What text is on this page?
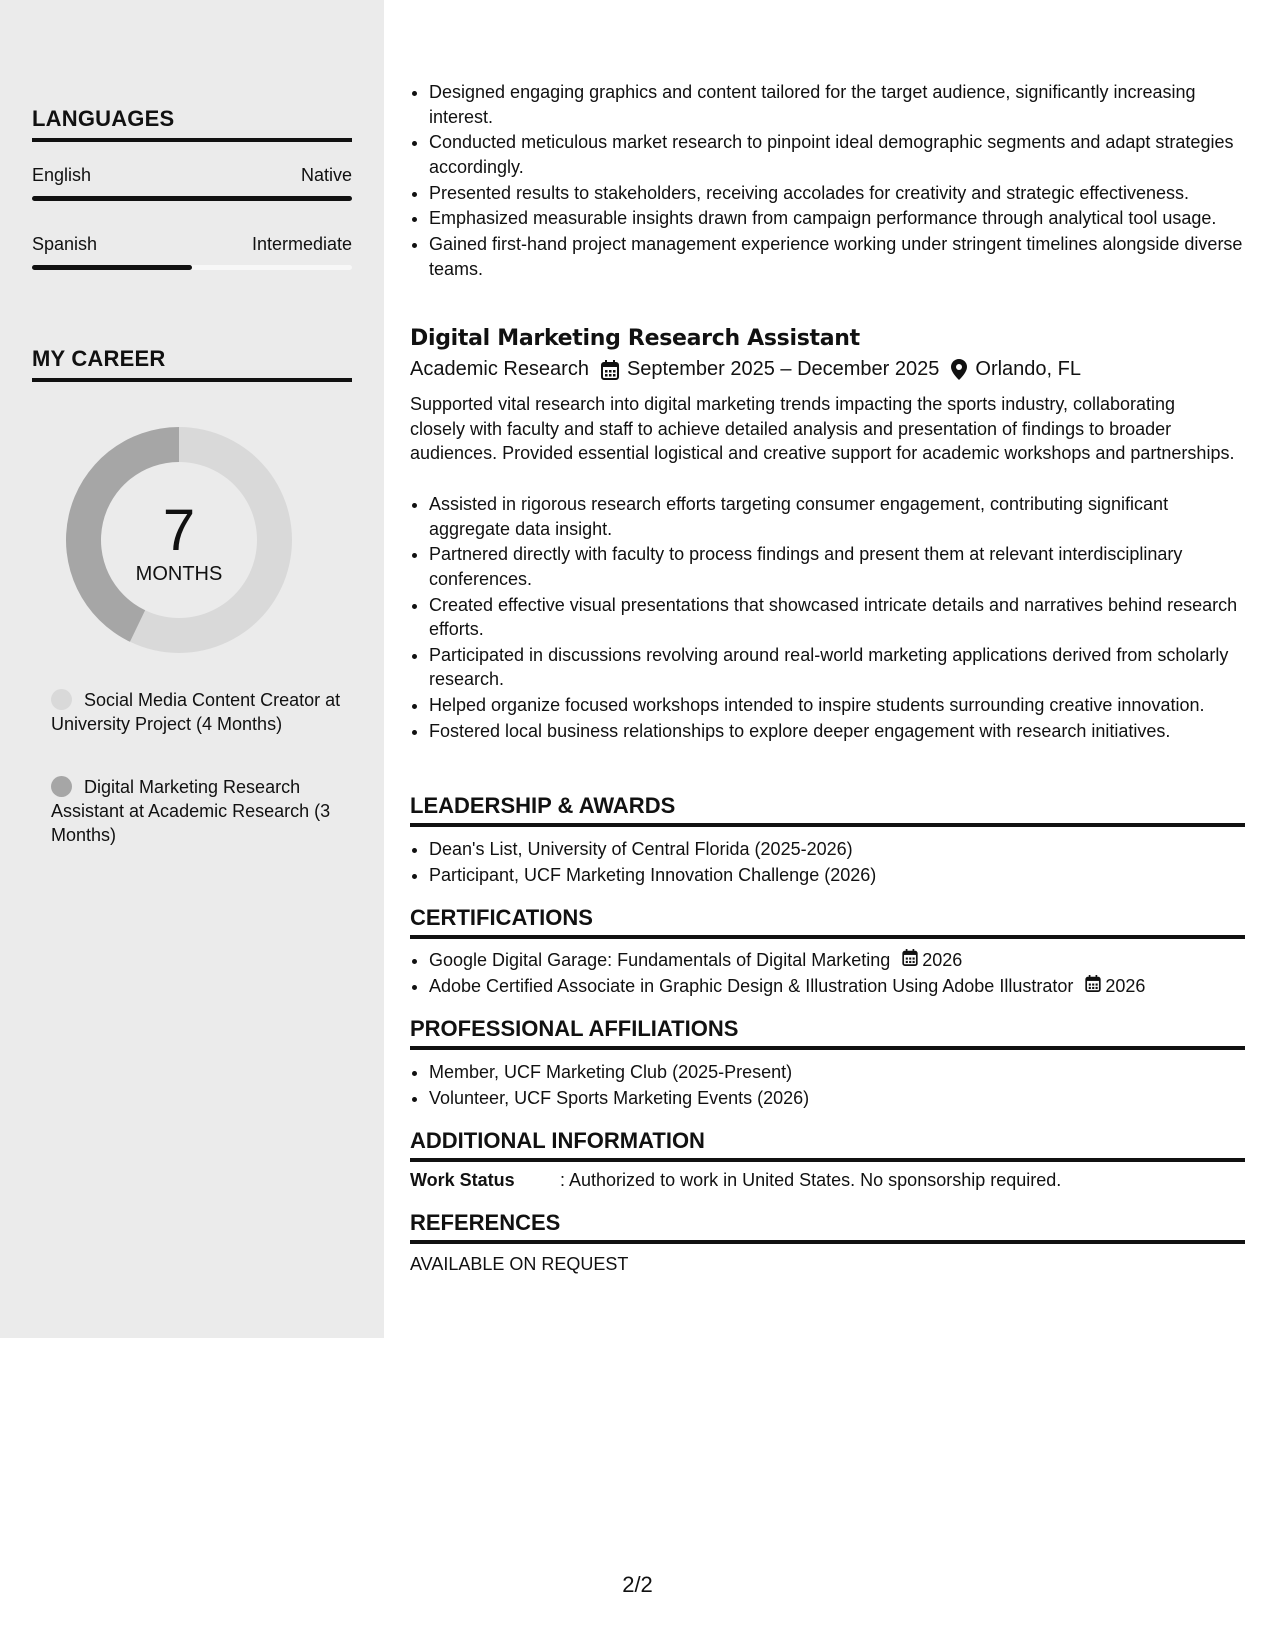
LANGUAGES
English	Native
Spanish	Intermediate
MY CAREER
7
MONTHS
Social Media Content Creator at University Project (4 Months)
Digital Marketing Research Assistant at Academic Research (3 Months)
• Designed engaging graphics and content tailored for the target audience, significantly increasing interest.
• Conducted meticulous market research to pinpoint ideal demographic segments and adapt strategies accordingly.
• Presented results to stakeholders, receiving accolades for creativity and strategic effectiveness.
• Emphasized measurable insights drawn from campaign performance through analytical tool usage.
• Gained first-hand project management experience working under stringent timelines alongside diverse teams.
Digital Marketing Research Assistant
Academic Research September 2025 – December 2025 Orlando, FL
Supported vital research into digital marketing trends impacting the sports industry, collaborating closely with faculty and staff to achieve detailed analysis and presentation of findings to broader audiences. Provided essential logistical and creative support for academic workshops and partnerships.
• Assisted in rigorous research efforts targeting consumer engagement, contributing significant aggregate data insight.
• Partnered directly with faculty to process findings and present them at relevant interdisciplinary conferences.
• Created effective visual presentations that showcased intricate details and narratives behind research efforts.
• Participated in discussions revolving around real-world marketing applications derived from scholarly research.
• Helped organize focused workshops intended to inspire students surrounding creative innovation.
• Fostered local business relationships to explore deeper engagement with research initiatives.
LEADERSHIP & AWARDS
• Dean's List, University of Central Florida (2025-2026)
• Participant, UCF Marketing Innovation Challenge (2026)
CERTIFICATIONS
• Google Digital Garage: Fundamentals of Digital Marketing 2026
• Adobe Certified Associate in Graphic Design & Illustration Using Adobe Illustrator 2026
PROFESSIONAL AFFILIATIONS
• Member, UCF Marketing Club (2025-Present)
• Volunteer, UCF Sports Marketing Events (2026)
ADDITIONAL INFORMATION
Work Status	: Authorized to work in United States. No sponsorship required.
REFERENCES
AVAILABLE ON REQUEST
2/2
